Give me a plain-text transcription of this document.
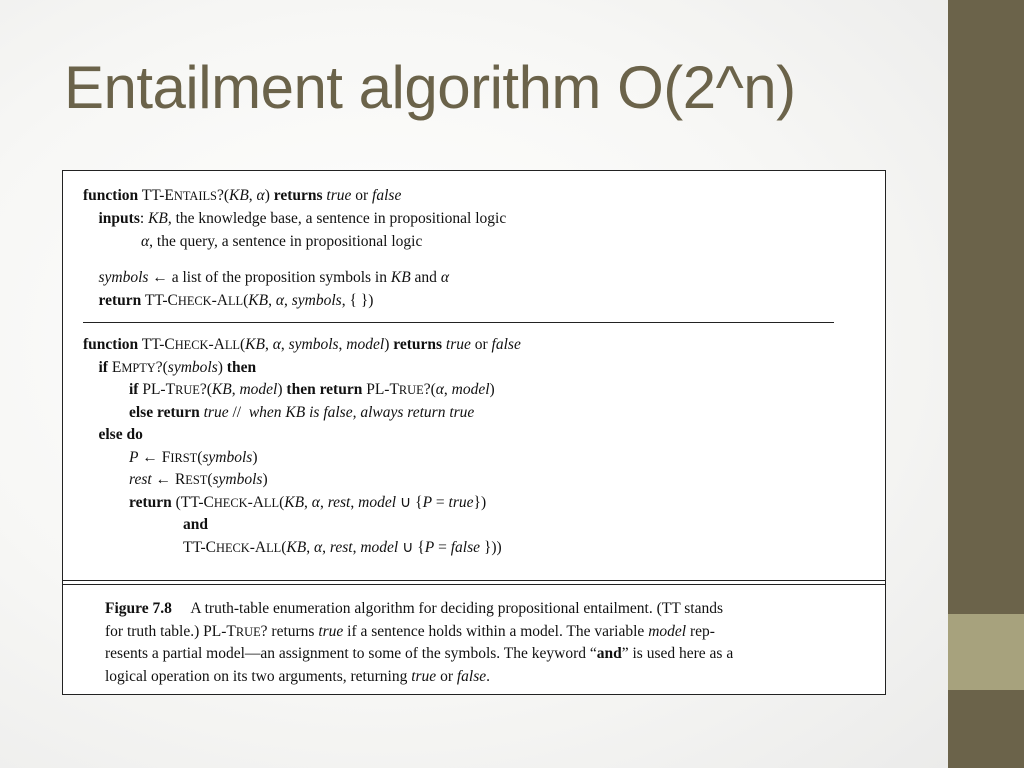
Entailment algorithm O(2^n)
function TT-ENTAILS?(KB, α) returns true or false
inputs: KB, the knowledge base, a sentence in propositional logic
α, the query, a sentence in propositional logic
symbols ← a list of the proposition symbols in KB and α
return TT-CHECK-ALL(KB, α, symbols, { })
function TT-CHECK-ALL(KB, α, symbols, model) returns true or false
if EMPTY?(symbols) then
if PL-TRUE?(KB, model) then return PL-TRUE?(α, model)
else return true //  when KB is false, always return true
else do
P ← FIRST(symbols)
rest ← REST(symbols)
return (TT-CHECK-ALL(KB, α, rest, model ∪ {P = true})
and
TT-CHECK-ALL(KB, α, rest, model ∪ {P = false }))
Figure 7.8     A truth-table enumeration algorithm for deciding propositional entailment. (TT stands
for truth table.) PL-TRUE? returns true if a sentence holds within a model. The variable model rep-
resents a partial model—an assignment to some of the symbols. The keyword “and” is used here as a
logical operation on its two arguments, returning true or false.
